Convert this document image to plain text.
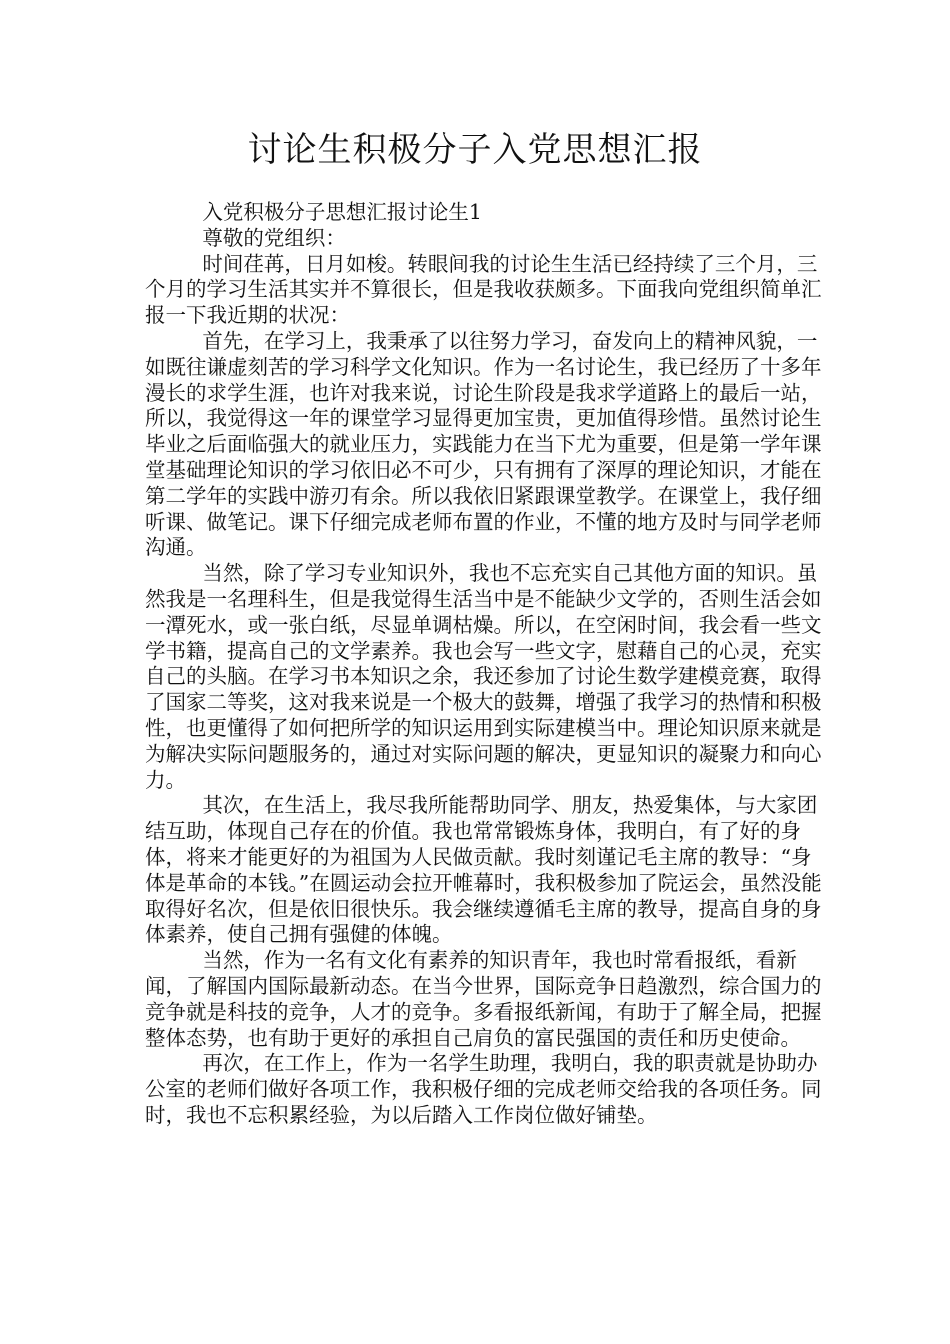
讨论生积极分子入党思想汇报

入党积极分子思想汇报讨论生1

尊敬的党组织：

时间荏苒，日月如梭。转眼间我的讨论生生活已经持续了三个月，三个月的学习生活其实并不算很长，但是我收获颇多。下面我向党组织简单汇报一下我近期的状况：

首先，在学习上，我秉承了以往努力学习，奋发向上的精神风貌，一如既往谦虚刻苦的学习科学文化知识。作为一名讨论生，我已经历了十多年漫长的求学生涯，也许对我来说，讨论生阶段是我求学道路上的最后一站，所以，我觉得这一年的课堂学习显得更加宝贵，更加值得珍惜。虽然讨论生毕业之后面临强大的就业压力，实践能力在当下尤为重要，但是第一学年课堂基础理论知识的学习依旧必不可少，只有拥有了深厚的理论知识，才能在第二学年的实践中游刃有余。所以我依旧紧跟课堂教学。在课堂上，我仔细听课、做笔记。课下仔细完成老师布置的作业，不懂的地方及时与同学老师沟通。

当然，除了学习专业知识外，我也不忘充实自己其他方面的知识。虽然我是一名理科生，但是我觉得生活当中是不能缺少文学的，否则生活会如一潭死水，或一张白纸，尽显单调枯燥。所以，在空闲时间，我会看一些文学书籍，提高自己的文学素养。我也会写一些文字，慰藉自己的心灵，充实自己的头脑。在学习书本知识之余，我还参加了讨论生数学建模竞赛，取得了国家二等奖，这对我来说是一个极大的鼓舞，增强了我学习的热情和积极性，也更懂得了如何把所学的知识运用到实际建模当中。理论知识原来就是为解决实际问题服务的，通过对实际问题的解决，更显知识的凝聚力和向心力。

其次，在生活上，我尽我所能帮助同学、朋友，热爱集体，与大家团结互助，体现自己存在的价值。我也常常锻炼身体，我明白，有了好的身体，将来才能更好的为祖国为人民做贡献。我时刻谨记毛主席的教导：“身体是革命的本钱。”在圆运动会拉开帷幕时，我积极参加了院运会，虽然没能取得好名次，但是依旧很快乐。我会继续遵循毛主席的教导，提高自身的身体素养，使自己拥有强健的体魄。

当然，作为一名有文化有素养的知识青年，我也时常看报纸，看新闻，了解国内国际最新动态。在当今世界，国际竞争日趋激烈，综合国力的竞争就是科技的竞争，人才的竞争。多看报纸新闻，有助于了解全局，把握整体态势，也有助于更好的承担自己肩负的富民强国的责任和历史使命。

再次，在工作上，作为一名学生助理，我明白，我的职责就是协助办公室的老师们做好各项工作，我积极仔细的完成老师交给我的各项任务。同时，我也不忘积累经验，为以后踏入工作岗位做好铺垫。
